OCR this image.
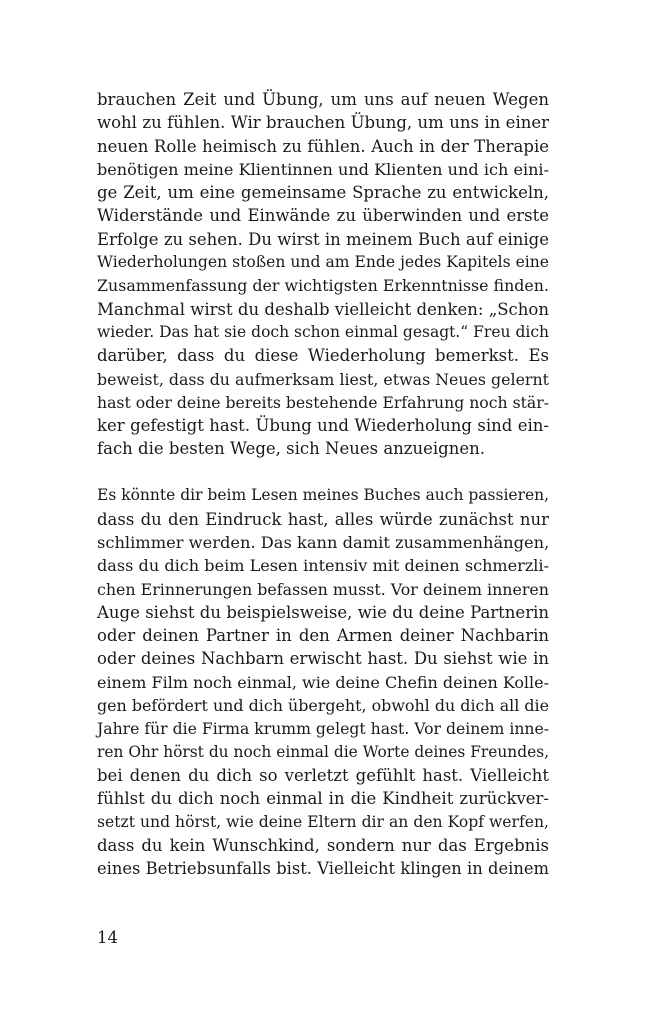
brauchen Zeit und Übung, um uns auf neuen Wegen
wohl zu fühlen. Wir brauchen Übung, um uns in einer
neuen Rolle heimisch zu fühlen. Auch in der Therapie
benötigen meine Klientinnen und Klienten und ich eini-
ge Zeit, um eine gemeinsame Sprache zu entwickeln,
Widerstände und Einwände zu überwinden und erste
Erfolge zu sehen. Du wirst in meinem Buch auf einige
Wiederholungen stoßen und am Ende jedes Kapitels eine
Zusammenfassung der wichtigsten Erkenntnisse finden.
Manchmal wirst du deshalb vielleicht denken: „Schon
wieder. Das hat sie doch schon einmal gesagt.“ Freu dich
darüber, dass du diese Wiederholung bemerkst. Es
beweist, dass du aufmerksam liest, etwas Neues gelernt
hast oder deine bereits bestehende Erfahrung noch stär-
ker gefestigt hast. Übung und Wiederholung sind ein-
fach die besten Wege, sich Neues anzueignen.
Es könnte dir beim Lesen meines Buches auch passieren,
dass du den Eindruck hast, alles würde zunächst nur
schlimmer werden. Das kann damit zusammenhängen,
dass du dich beim Lesen intensiv mit deinen schmerzli-
chen Erinnerungen befassen musst. Vor deinem inneren
Auge siehst du beispielsweise, wie du deine Partnerin
oder deinen Partner in den Armen deiner Nachbarin
oder deines Nachbarn erwischt hast. Du siehst wie in
einem Film noch einmal, wie deine Chefin deinen Kolle-
gen befördert und dich übergeht, obwohl du dich all die
Jahre für die Firma krumm gelegt hast. Vor deinem inne-
ren Ohr hörst du noch einmal die Worte deines Freundes,
bei denen du dich so verletzt gefühlt hast. Vielleicht
fühlst du dich noch einmal in die Kindheit zurückver-
setzt und hörst, wie deine Eltern dir an den Kopf werfen,
dass du kein Wunschkind, sondern nur das Ergebnis
eines Betriebsunfalls bist. Vielleicht klingen in deinem
14
